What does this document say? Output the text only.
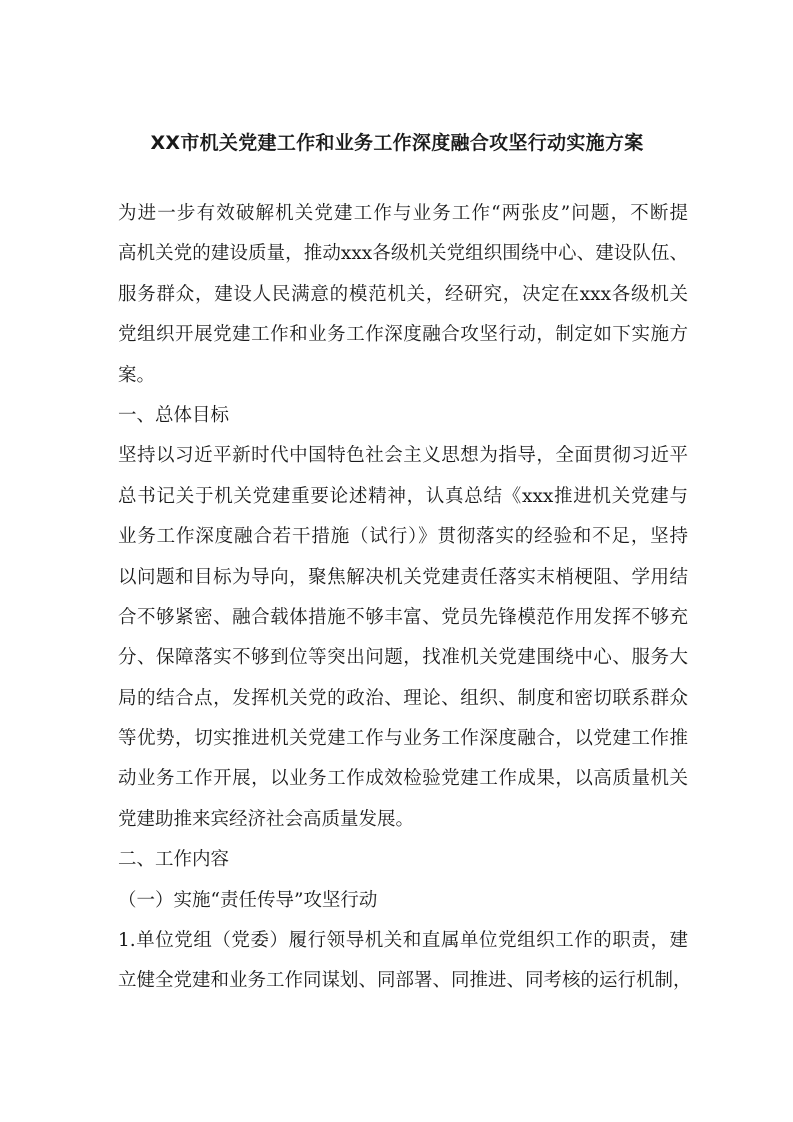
XX市机关党建工作和业务工作深度融合攻坚行动实施方案
为进一步有效破解机关党建工作与业务工作“两张皮”问题，不断提
高机关党的建设质量，推动xxx各级机关党组织围绕中心、建设队伍、
服务群众，建设人民满意的模范机关，经研究，决定在xxx各级机关
党组织开展党建工作和业务工作深度融合攻坚行动，制定如下实施方
案。
一、总体目标
坚持以习近平新时代中国特色社会主义思想为指导，全面贯彻习近平
总书记关于机关党建重要论述精神，认真总结《xxx推进机关党建与
业务工作深度融合若干措施（试行）》贯彻落实的经验和不足，坚持
以问题和目标为导向，聚焦解决机关党建责任落实末梢梗阻、学用结
合不够紧密、融合载体措施不够丰富、党员先锋模范作用发挥不够充
分、保障落实不够到位等突出问题，找准机关党建围绕中心、服务大
局的结合点，发挥机关党的政治、理论、组织、制度和密切联系群众
等优势，切实推进机关党建工作与业务工作深度融合，以党建工作推
动业务工作开展，以业务工作成效检验党建工作成果，以高质量机关
党建助推来宾经济社会高质量发展。
二、工作内容
（一）实施“责任传导”攻坚行动
1.单位党组（党委）履行领导机关和直属单位党组织工作的职责，建
立健全党建和业务工作同谋划、同部署、同推进、同考核的运行机制，
